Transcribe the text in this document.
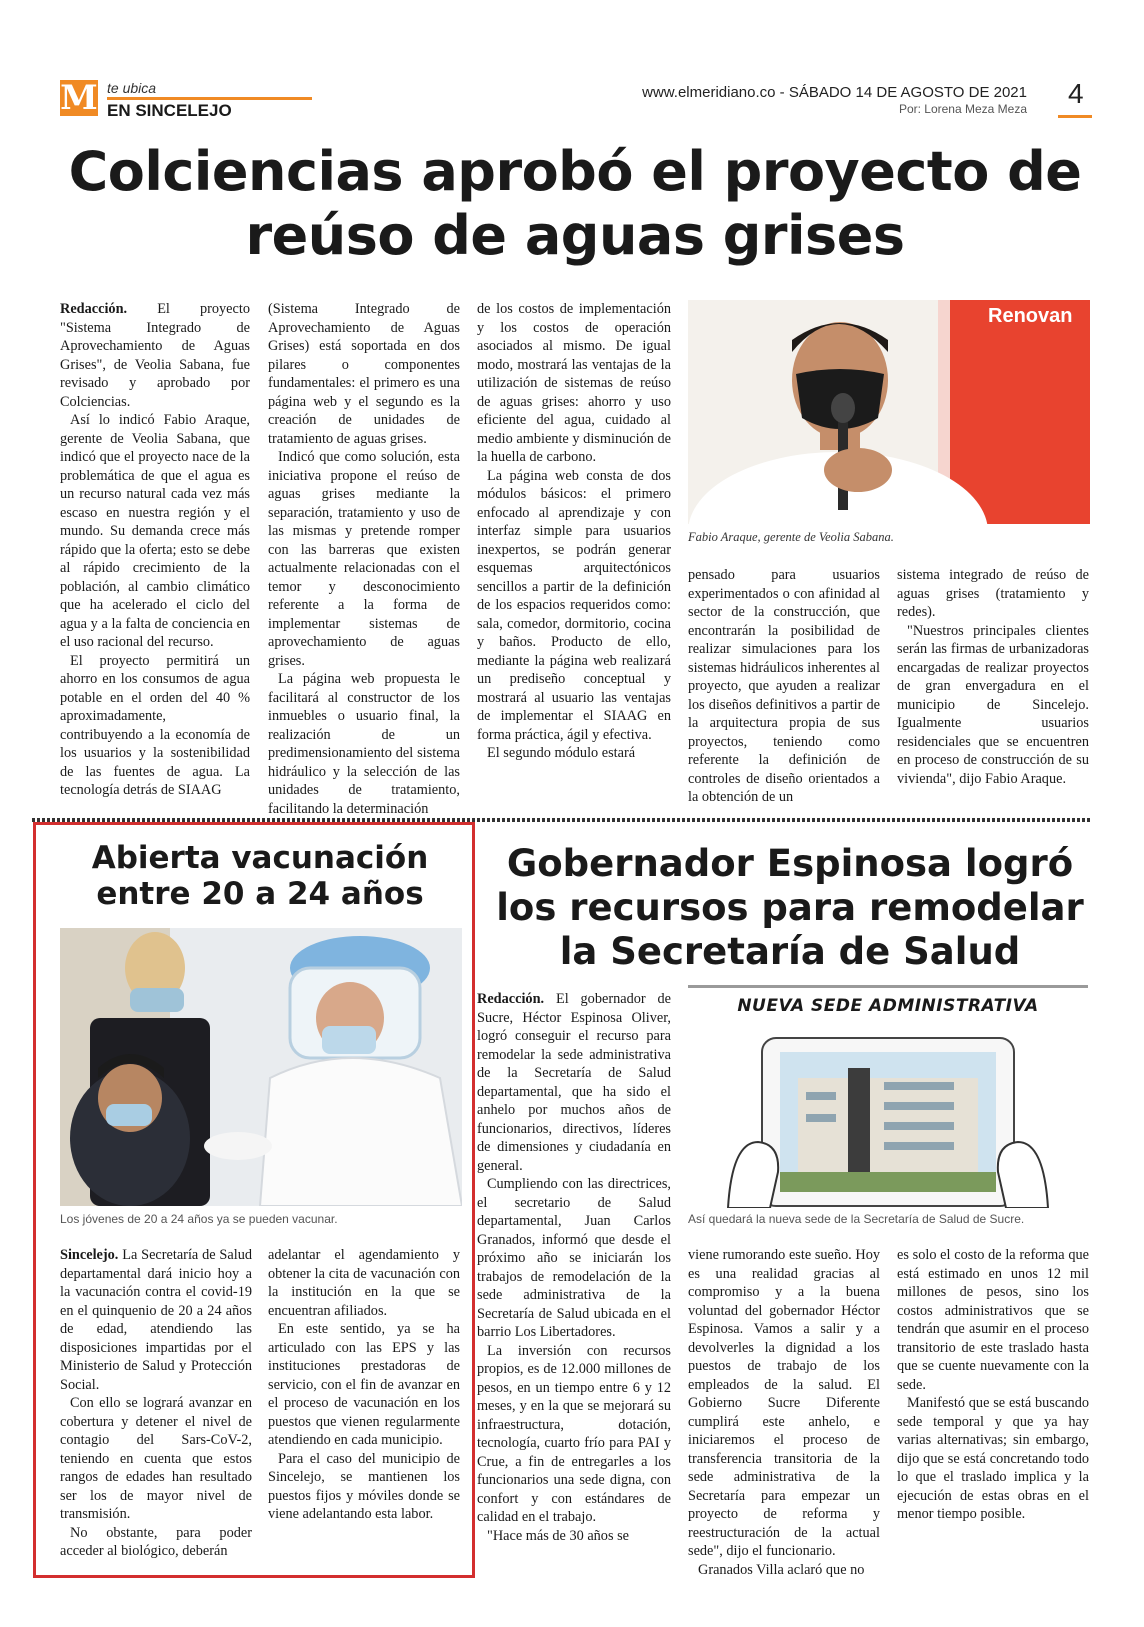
M te ubica
EN SINCELEJO
www.elmeridiano.co - SÁBADO 14 DE AGOSTO DE 2021
Por: Lorena Meza Meza 4
Colciencias aprobó el proyecto de reúso de aguas grises

Redacción. El proyecto "Sistema Integrado de Aprovechamiento de Aguas Grises", de Veolia Sabana, fue revisado y aprobado por Colciencias.

Así lo indicó Fabio Araque, gerente de Veolia Sabana, que indicó que el proyecto nace de la problemática de que el agua es un recurso natural cada vez más escaso en nuestra región y el mundo. Su demanda crece más rápido que la oferta; esto se debe al rápido crecimiento de la población, al cambio climático que ha acelerado el ciclo del agua y a la falta de conciencia en el uso racional del recurso.

El proyecto permitirá un ahorro en los consumos de agua potable en el orden del 40 % aproximadamente, contribuyendo a la economía de los usuarios y la sostenibilidad de las fuentes de agua. La tecnología detrás de SIAAG

(Sistema Integrado de Aprovechamiento de Aguas Grises) está soportada en dos pilares o componentes fundamentales: el primero es una página web y el segundo es la creación de unidades de tratamiento de aguas grises.

Indicó que como solución, esta iniciativa propone el reúso de aguas grises mediante la separación, tratamiento y uso de las mismas y pretende romper con las barreras que existen actualmente relacionadas con el temor y desconocimiento referente a la forma de implementar sistemas de aprovechamiento de aguas grises.

La página web propuesta le facilitará al constructor de los inmuebles o usuario final, la realización de un predimensionamiento del sistema hidráulico y la selección de las unidades de tratamiento, facilitando la determinación

de los costos de implementación y los costos de operación asociados al mismo. De igual modo, mostrará las ventajas de la utilización de sistemas de reúso de aguas grises: ahorro y uso eficiente del agua, cuidado al medio ambiente y disminución de la huella de carbono.

La página web consta de dos módulos básicos: el primero enfocado al aprendizaje y con interfaz simple para usuarios inexpertos, se podrán generar esquemas arquitectónicos sencillos a partir de la definición de los espacios requeridos como: sala, comedor, dormitorio, cocina y baños. Producto de ello, mediante la página web realizará un prediseño conceptual y mostrará al usuario las ventajas de implementar el SIAAG en forma práctica, ágil y efectiva.

El segundo módulo estará

Renovan
Fabio Araque, gerente de Veolia Sabana.

pensado para usuarios experimentados o con afinidad al sector de la construcción, que encontrarán la posibilidad de realizar simulaciones para los sistemas hidráulicos inherentes al proyecto, que ayuden a realizar los diseños definitivos a partir de la arquitectura propia de sus proyectos, teniendo como referente la definición de controles de diseño orientados a la obtención de un

sistema integrado de reúso de aguas grises (tratamiento y redes).

"Nuestros principales clientes serán las firmas de urbanizadoras encargadas de realizar proyectos de gran envergadura en el municipio de Sincelejo. Igualmente usuarios residenciales que se encuentren en proceso de construcción de su vivienda", dijo Fabio Araque.

Abierta vacunación entre 20 a 24 años
Los jóvenes de 20 a 24 años ya se pueden vacunar.

Sincelejo. La Secretaría de Salud departamental dará inicio hoy a la vacunación contra el covid-19 en el quinquenio de 20 a 24 años de edad, atendiendo las disposiciones impartidas por el Ministerio de Salud y Protección Social.

Con ello se logrará avanzar en cobertura y detener el nivel de contagio del Sars-CoV-2, teniendo en cuenta que estos rangos de edades han resultado ser los de mayor nivel de transmisión.

No obstante, para poder acceder al biológico, deberán

adelantar el agendamiento y obtener la cita de vacunación con la institución en la que se encuentran afiliados.

En este sentido, ya se ha articulado con las EPS y las instituciones prestadoras de servicio, con el fin de avanzar en el proceso de vacunación en los puestos que vienen regularmente atendiendo en cada municipio.

Para el caso del municipio de Sincelejo, se mantienen los puestos fijos y móviles donde se viene adelantando esta labor.

Gobernador Espinosa logró los recursos para remodelar la Secretaría de Salud
NUEVA SEDE ADMINISTRATIVA
Así quedará la nueva sede de la Secretaría de Salud de Sucre.

Redacción. El gobernador de Sucre, Héctor Espinosa Oliver, logró conseguir el recurso para remodelar la sede administrativa de la Secretaría de Salud departamental, que ha sido el anhelo por muchos años de funcionarios, directivos, líderes de dimensiones y ciudadanía en general.

Cumpliendo con las directrices, el secretario de Salud departamental, Juan Carlos Granados, informó que desde el próximo año se iniciarán los trabajos de remodelación de la sede administrativa de la Secretaría de Salud ubicada en el barrio Los Libertadores.

La inversión con recursos propios, es de 12.000 millones de pesos, en un tiempo entre 6 y 12 meses, y en la que se mejorará su infraestructura, dotación, tecnología, cuarto frío para PAI y Crue, a fin de entregarles a los funcionarios una sede digna, con confort y con estándares de calidad en el trabajo.

"Hace más de 30 años se

viene rumorando este sueño. Hoy es una realidad gracias al compromiso y a la buena voluntad del gobernador Héctor Espinosa. Vamos a salir y a devolverles la dignidad a los puestos de trabajo de los empleados de la salud. El Gobierno Sucre Diferente cumplirá este anhelo, e iniciaremos el proceso de transferencia transitoria de la sede administrativa de la Secretaría para empezar un proyecto de reforma y reestructuración de la actual sede", dijo el funcionario.

Granados Villa aclaró que no

es solo el costo de la reforma que está estimado en unos 12 mil millones de pesos, sino los costos administrativos que se tendrán que asumir en el proceso transitorio de este traslado hasta que se cuente nuevamente con la sede.

Manifestó que se está buscando sede temporal y que ya hay varias alternativas; sin embargo, dijo que se está concretando todo lo que el traslado implica y la ejecución de estas obras en el menor tiempo posible.
